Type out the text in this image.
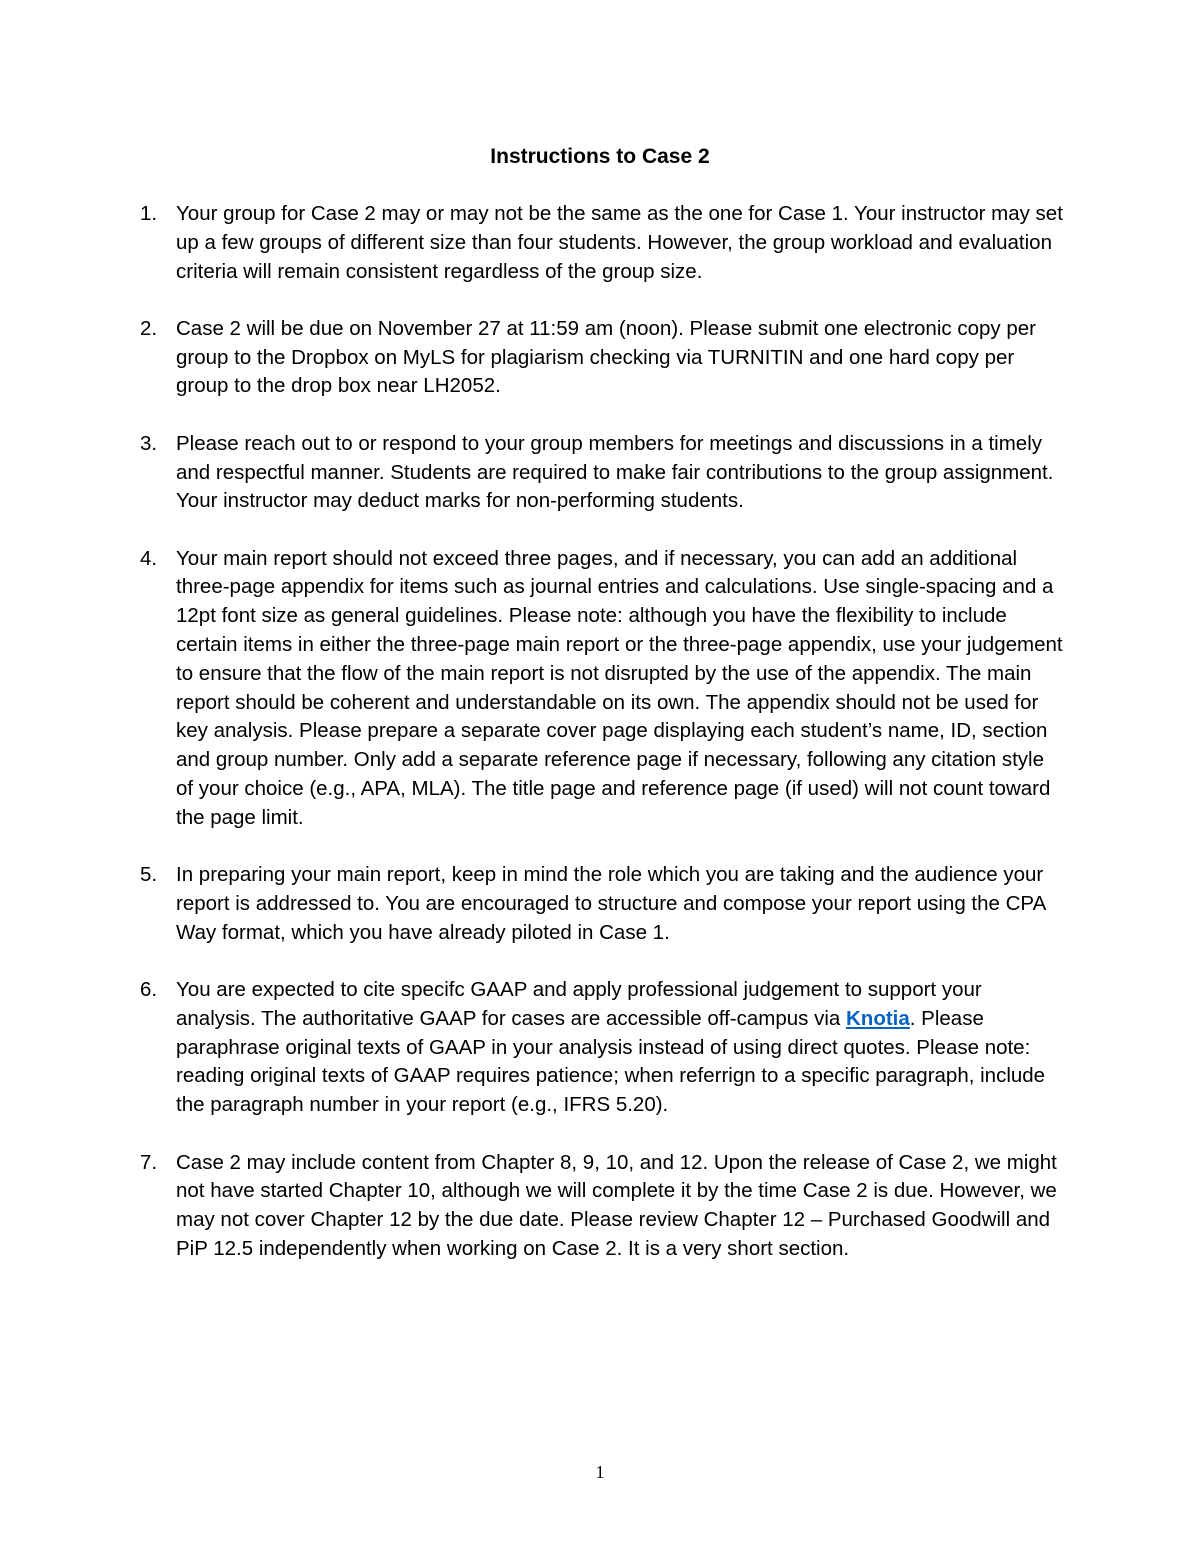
Instructions to Case 2
1. Your group for Case 2 may or may not be the same as the one for Case 1. Your instructor may set up a few groups of different size than four students. However, the group workload and evaluation criteria will remain consistent regardless of the group size.
2. Case 2 will be due on November 27 at 11:59 am (noon). Please submit one electronic copy per group to the Dropbox on MyLS for plagiarism checking via TURNITIN and one hard copy per group to the drop box near LH2052.
3. Please reach out to or respond to your group members for meetings and discussions in a timely and respectful manner. Students are required to make fair contributions to the group assignment. Your instructor may deduct marks for non-performing students.
4. Your main report should not exceed three pages, and if necessary, you can add an additional three-page appendix for items such as journal entries and calculations. Use single-spacing and a 12pt font size as general guidelines. Please note: although you have the flexibility to include certain items in either the three-page main report or the three-page appendix, use your judgement to ensure that the flow of the main report is not disrupted by the use of the appendix. The main report should be coherent and understandable on its own. The appendix should not be used for key analysis. Please prepare a separate cover page displaying each student’s name, ID, section and group number. Only add a separate reference page if necessary, following any citation style of your choice (e.g., APA, MLA). The title page and reference page (if used) will not count toward the page limit.
5. In preparing your main report, keep in mind the role which you are taking and the audience your report is addressed to. You are encouraged to structure and compose your report using the CPA Way format, which you have already piloted in Case 1.
6. You are expected to cite specifc GAAP and apply professional judgement to support your analysis. The authoritative GAAP for cases are accessible off-campus via Knotia. Please paraphrase original texts of GAAP in your analysis instead of using direct quotes. Please note: reading original texts of GAAP requires patience; when referrign to a specific paragraph, include the paragraph number in your report (e.g., IFRS 5.20).
7. Case 2 may include content from Chapter 8, 9, 10, and 12. Upon the release of Case 2, we might not have started Chapter 10, although we will complete it by the time Case 2 is due. However, we may not cover Chapter 12 by the due date. Please review Chapter 12 – Purchased Goodwill and PiP 12.5 independently when working on Case 2. It is a very short section.
1
